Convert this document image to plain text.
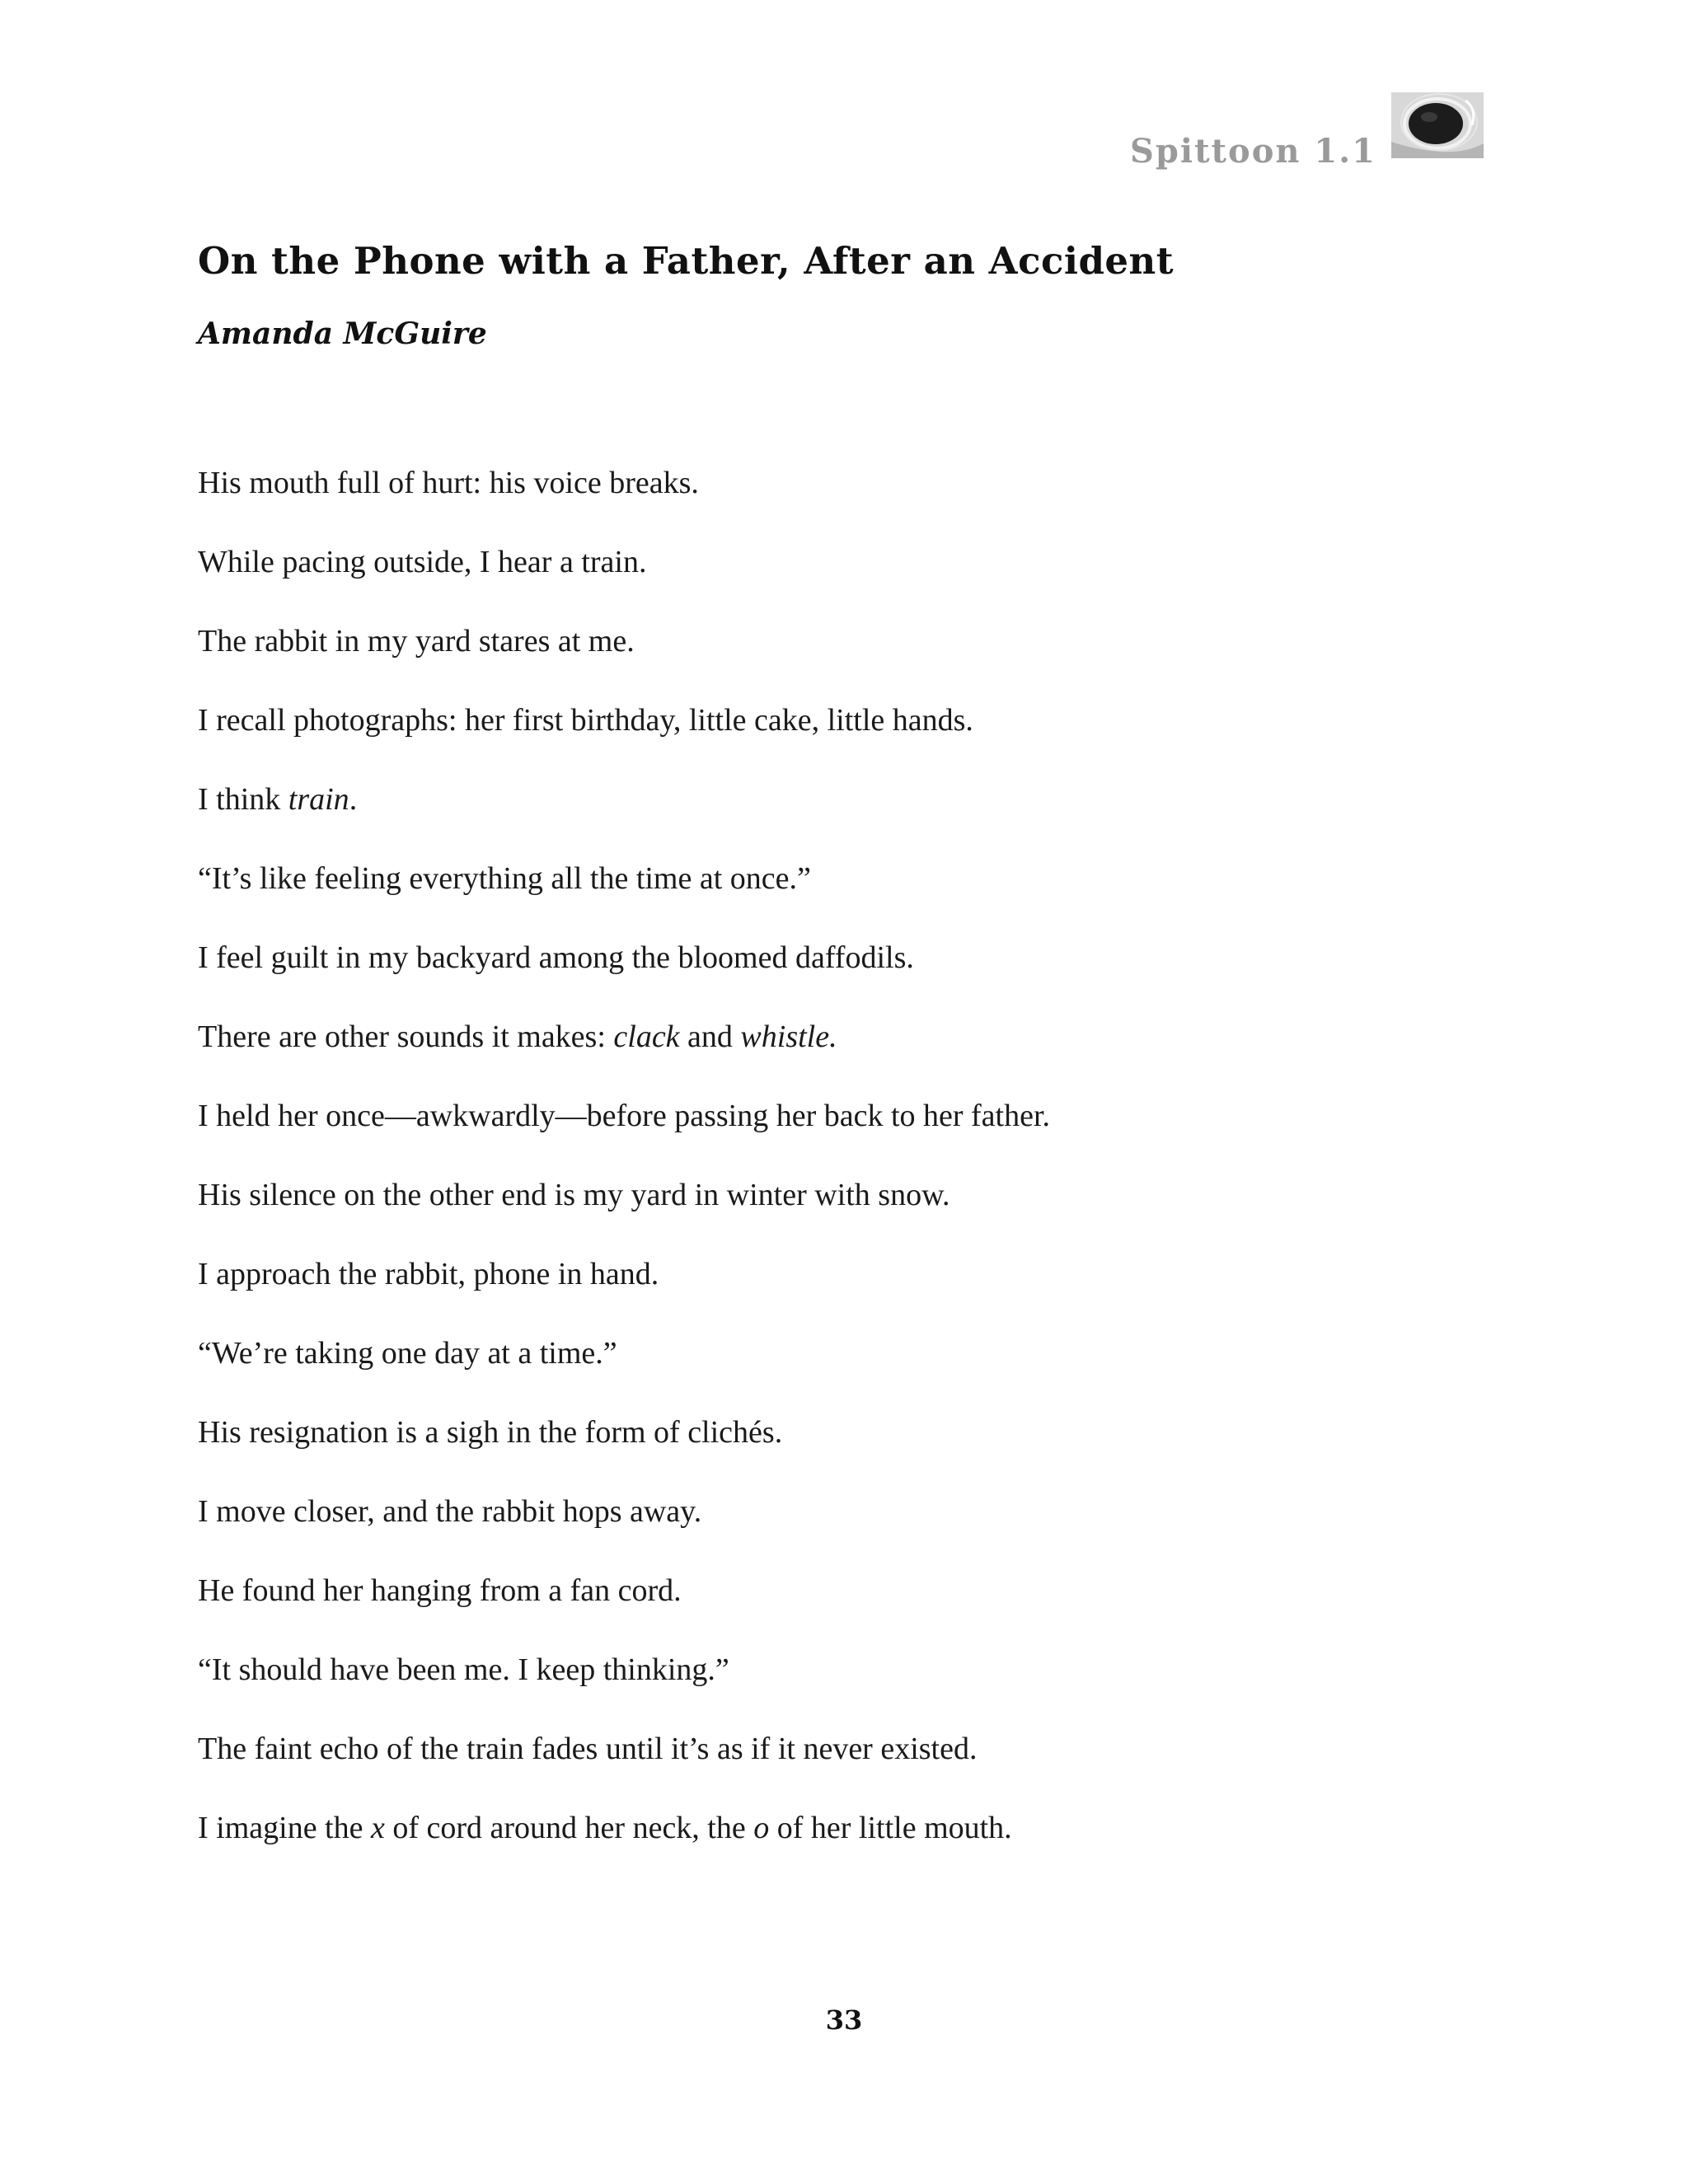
Spittoon 1.1
On the Phone with a Father, After an Accident
Amanda McGuire
His mouth full of hurt: his voice breaks.
While pacing outside, I hear a train.
The rabbit in my yard stares at me.
I recall photographs: her first birthday, little cake, little hands.
I think train.
“It’s like feeling everything all the time at once.”
I feel guilt in my backyard among the bloomed daffodils.
There are other sounds it makes: clack and whistle.
I held her once—awkwardly—before passing her back to her father.
His silence on the other end is my yard in winter with snow.
I approach the rabbit, phone in hand.
“We’re taking one day at a time.”
His resignation is a sigh in the form of clichés.
I move closer, and the rabbit hops away.
He found her hanging from a fan cord.
“It should have been me. I keep thinking.”
The faint echo of the train fades until it’s as if it never existed.
I imagine the x of cord around her neck, the o of her little mouth.
33
